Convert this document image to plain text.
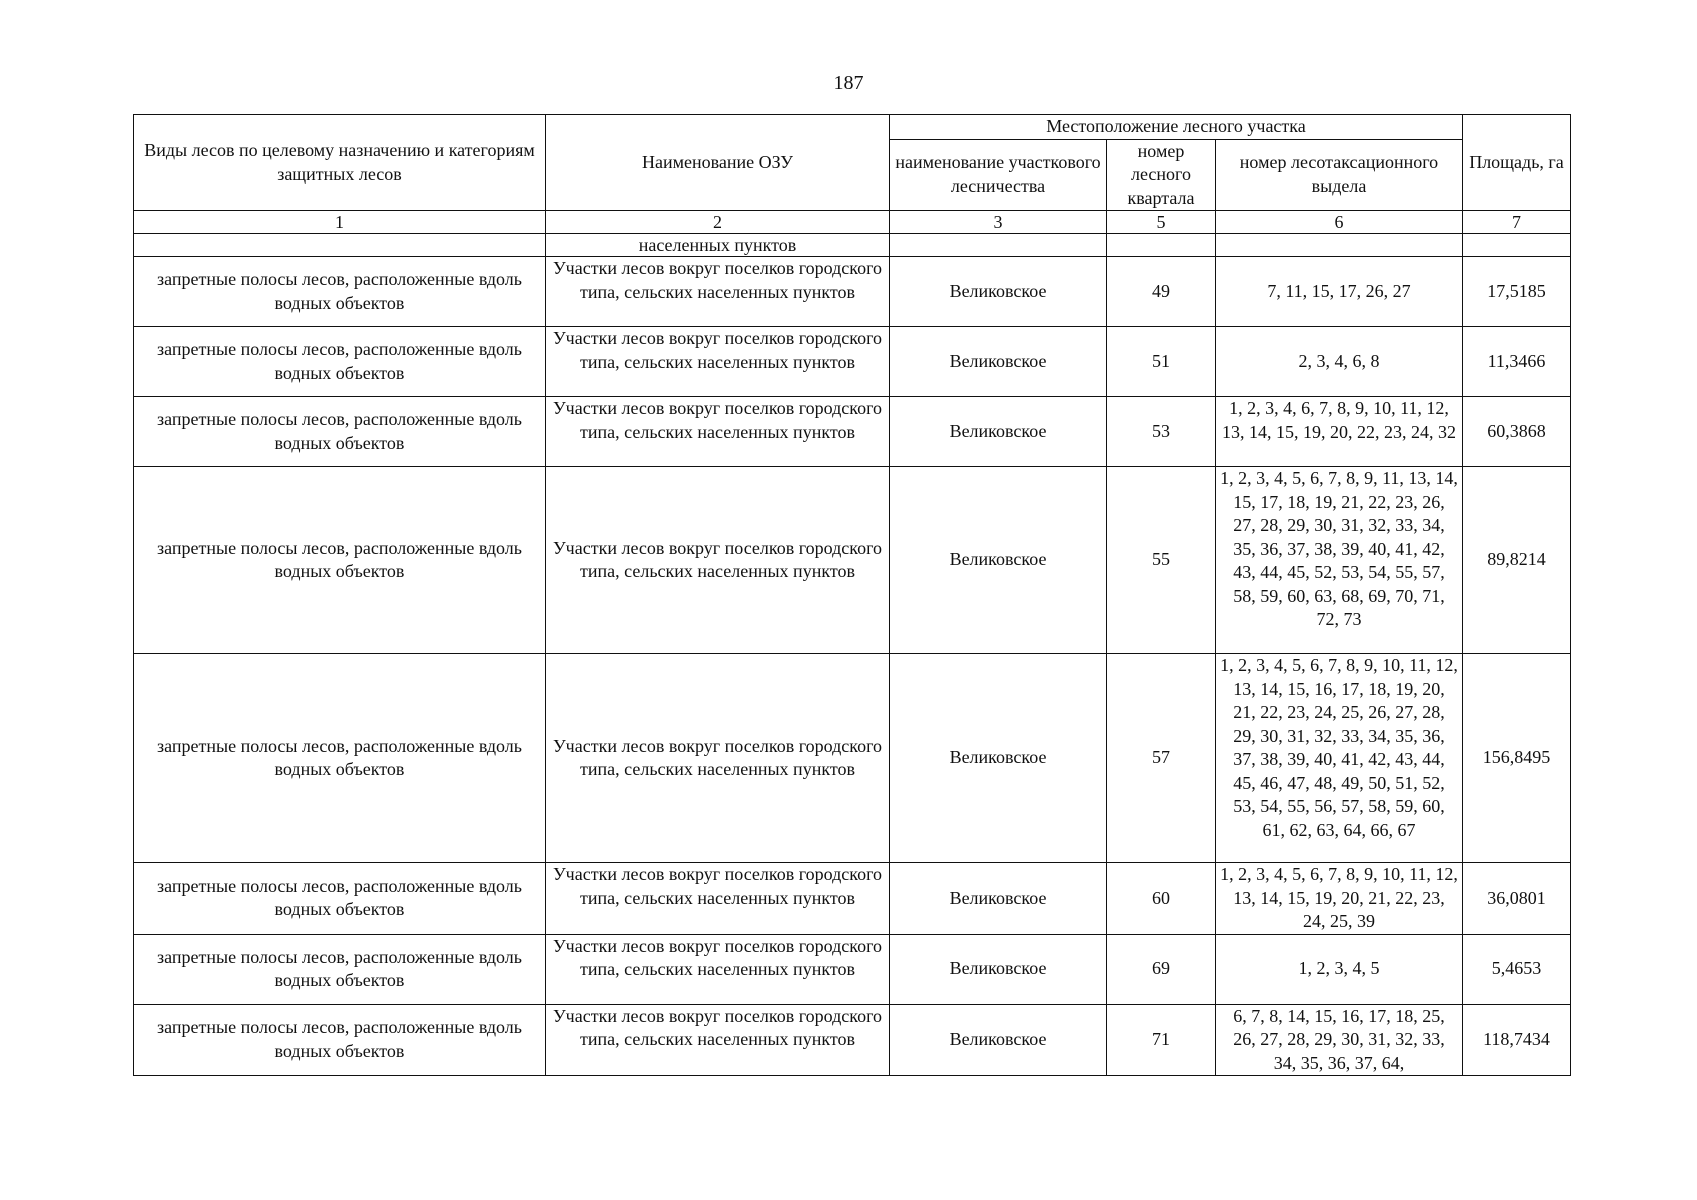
187
Виды лесов по целевому назначению и категориям защитных лесов	Наименование ОЗУ	Местоположение лесного участка			Площадь, га
		наименование участкового лесничества	номер лесного квартала	номер лесотаксационного выдела	
1	2	3	5	6	7
	населенных пунктов				
запретные полосы лесов, расположенные вдоль водных объектов	Участки лесов вокруг поселков городского типа, сельских населенных пунктов	Великовское	49	7, 11, 15, 17, 26, 27	17,5185
запретные полосы лесов, расположенные вдоль водных объектов	Участки лесов вокруг поселков городского типа, сельских населенных пунктов	Великовское	51	2, 3, 4, 6, 8	11,3466
запретные полосы лесов, расположенные вдоль водных объектов	Участки лесов вокруг поселков городского типа, сельских населенных пунктов	Великовское	53	1, 2, 3, 4, 6, 7, 8, 9, 10, 11, 12, 13, 14, 15, 19, 20, 22, 23, 24, 32	60,3868
запретные полосы лесов, расположенные вдоль водных объектов	Участки лесов вокруг поселков городского типа, сельских населенных пунктов	Великовское	55	1, 2, 3, 4, 5, 6, 7, 8, 9, 11, 13, 14, 15, 17, 18, 19, 21, 22, 23, 26, 27, 28, 29, 30, 31, 32, 33, 34, 35, 36, 37, 38, 39, 40, 41, 42, 43, 44, 45, 52, 53, 54, 55, 57, 58, 59, 60, 63, 68, 69, 70, 71, 72, 73	89,8214
запретные полосы лесов, расположенные вдоль водных объектов	Участки лесов вокруг поселков городского типа, сельских населенных пунктов	Великовское	57	1, 2, 3, 4, 5, 6, 7, 8, 9, 10, 11, 12, 13, 14, 15, 16, 17, 18, 19, 20, 21, 22, 23, 24, 25, 26, 27, 28, 29, 30, 31, 32, 33, 34, 35, 36, 37, 38, 39, 40, 41, 42, 43, 44, 45, 46, 47, 48, 49, 50, 51, 52, 53, 54, 55, 56, 57, 58, 59, 60, 61, 62, 63, 64, 66, 67	156,8495
запретные полосы лесов, расположенные вдоль водных объектов	Участки лесов вокруг поселков городского типа, сельских населенных пунктов	Великовское	60	1, 2, 3, 4, 5, 6, 7, 8, 9, 10, 11, 12, 13, 14, 15, 19, 20, 21, 22, 23, 24, 25, 39	36,0801
запретные полосы лесов, расположенные вдоль водных объектов	Участки лесов вокруг поселков городского типа, сельских населенных пунктов	Великовское	69	1, 2, 3, 4, 5	5,4653
запретные полосы лесов, расположенные вдоль водных объектов	Участки лесов вокруг поселков городского типа, сельских населенных пунктов	Великовское	71	6, 7, 8, 14, 15, 16, 17, 18, 25, 26, 27, 28, 29, 30, 31, 32, 33, 34, 35, 36, 37, 64,	118,7434
